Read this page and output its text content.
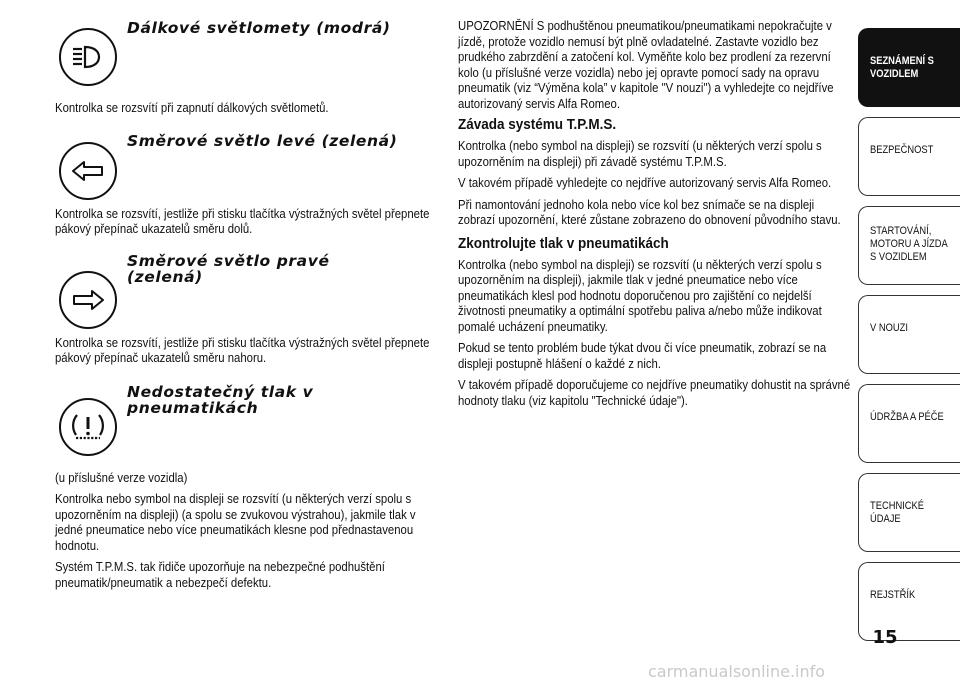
Dálkové světlomety (modrá)

Kontrolka se rozsvítí při zapnutí dálkových světlometů.

Směrové světlo levé (zelená)

Kontrolka se rozsvítí, jestliže při stisku tlačítka výstražných světel přepnete pákový přepínač ukazatelů směru dolů.

Směrové světlo pravé (zelená)

Kontrolka se rozsvítí, jestliže při stisku tlačítka výstražných světel přepnete pákový přepínač ukazatelů směru nahoru.

Nedostatečný tlak v pneumatikách

(u příslušné verze vozidla)

Kontrolka nebo symbol na displeji se rozsvítí (u některých verzí spolu s upozorněním na displeji) (a spolu se zvukovou výstrahou), jakmile tlak v jedné pneumatice nebo více pneumatikách klesne pod přednastavenou hodnotu.

Systém T.P.M.S. tak řidiče upozorňuje na nebezpečné podhuštění pneumatik/pneumatik a nebezpečí defektu.

UPOZORNĚNÍ S podhuštěnou pneumatikou/pneumatikami nepokračujte v jízdě, protože vozidlo nemusí být plně ovladatelné. Zastavte vozidlo bez prudkého zabrzdění a zatočení kol. Vyměňte kolo bez prodlení za rezervní kolo (u příslušné verze vozidla) nebo jej opravte pomocí sady na opravu pneumatik (viz “Výměna kola” v kapitole "V nouzi") a vyhledejte co nejdříve autorizovaný servis Alfa Romeo.

Závada systému T.P.M.S.

Kontrolka (nebo symbol na displeji) se rozsvítí (u některých verzí spolu s upozorněním na displeji) při závadě systému T.P.M.S.

V takovém případě vyhledejte co nejdříve autorizovaný servis Alfa Romeo.

Při namontování jednoho kola nebo více kol bez snímače se na displeji zobrazí upozornění, které zůstane zobrazeno do obnovení původního stavu.

Zkontrolujte tlak v pneumatikách

Kontrolka (nebo symbol na displeji) se rozsvítí (u některých verzí spolu s upozorněním na displeji), jakmile tlak v jedné pneumatice nebo více pneumatikách klesl pod hodnotu doporučenou pro zajištění co nejdelší životnosti pneumatiky a optimální spotřebu paliva a/nebo může indikovat pomalé ucházení pneumatiky.

Pokud se tento problém bude týkat dvou či více pneumatik, zobrazí se na displeji postupně hlášení o každé z nich.

V takovém případě doporučujeme co nejdříve pneumatiky dohustit na správné hodnoty tlaku (viz kapitolu "Technické údaje").

SEZNÁMENÍ S VOZIDLEM
BEZPEČNOST
STARTOVÁNÍ, MOTORU A JÍZDA S VOZIDLEM
V NOUZI
ÚDRŽBA A PÉČE
TECHNICKÉ ÚDAJE
REJSTŘÍK
15
carmanualsonline.info
